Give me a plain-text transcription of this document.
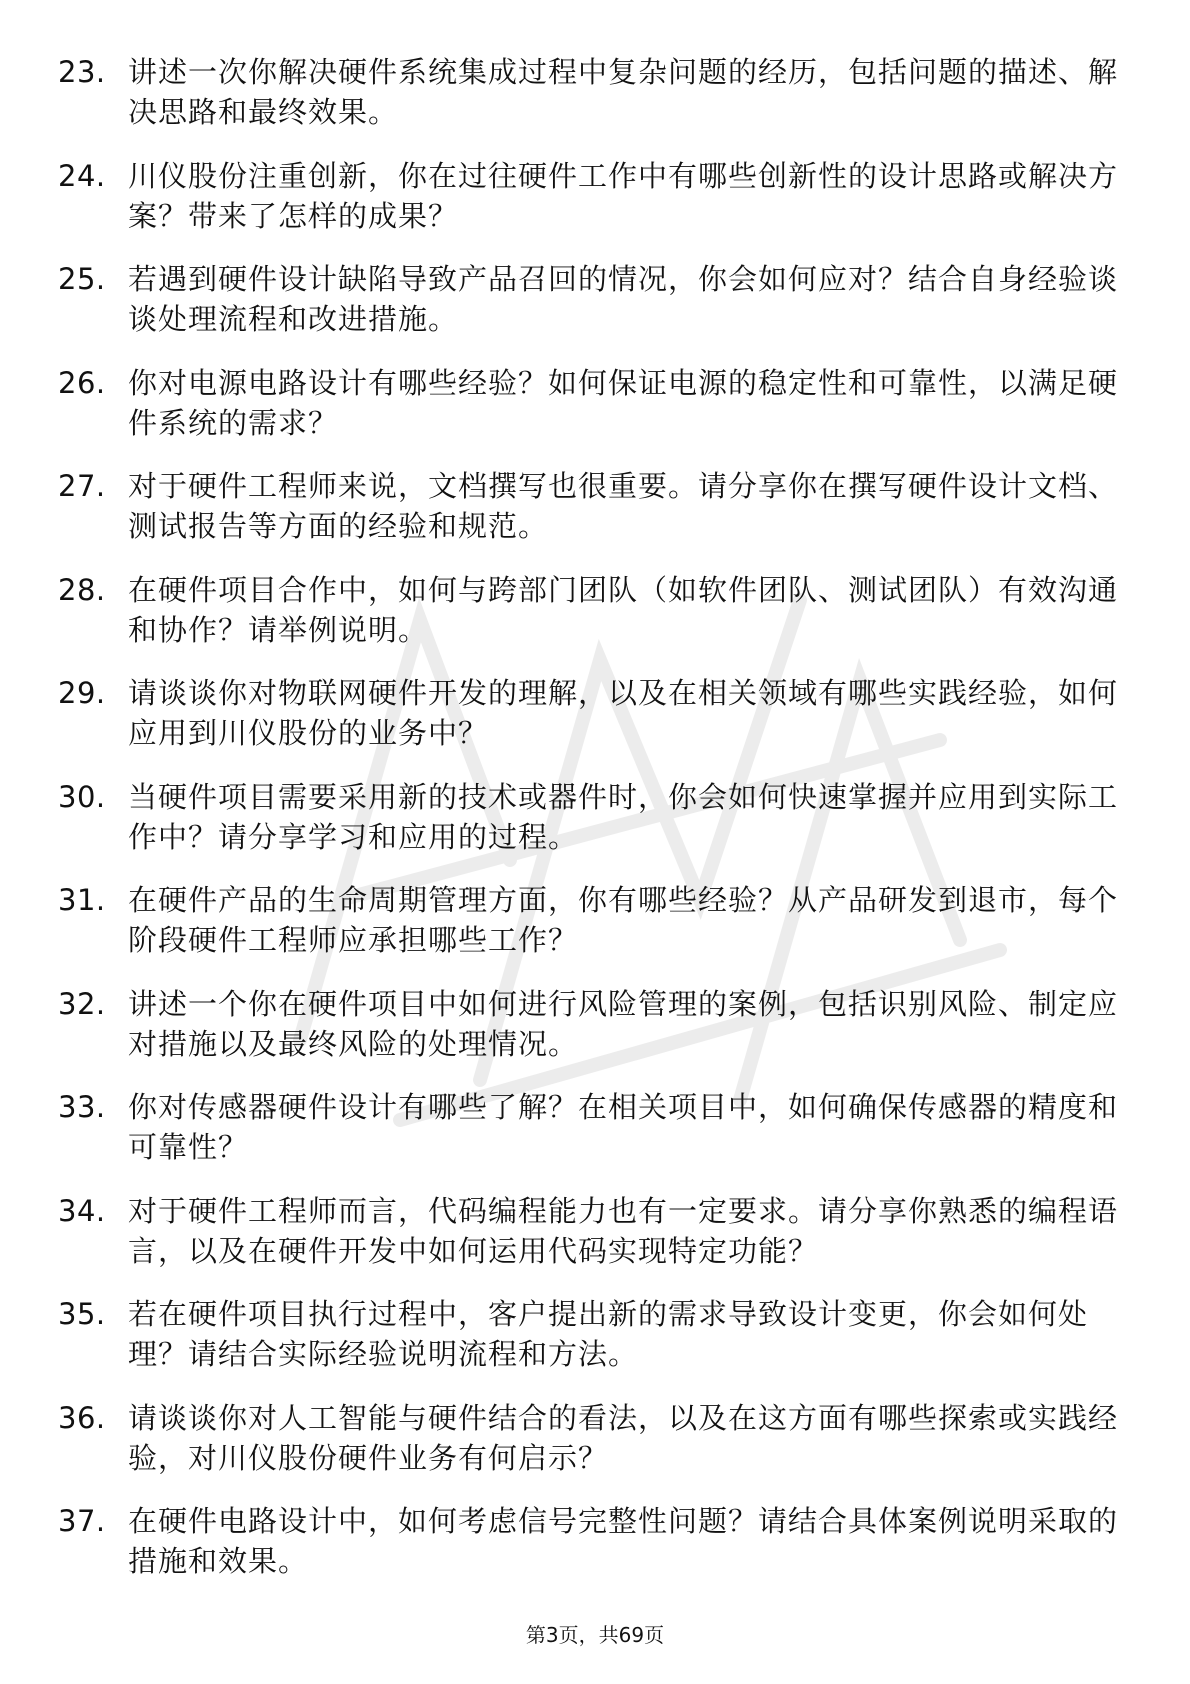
23. 讲述一次你解决硬件系统集成过程中复杂问题的经历，包括问题的描述、解决思路和最终效果。
24. 川仪股份注重创新，你在过往硬件工作中有哪些创新性的设计思路或解决方案？带来了怎样的成果？
25. 若遇到硬件设计缺陷导致产品召回的情况，你会如何应对？结合自身经验谈谈处理流程和改进措施。
26. 你对电源电路设计有哪些经验？如何保证电源的稳定性和可靠性，以满足硬件系统的需求？
27. 对于硬件工程师来说，文档撰写也很重要。请分享你在撰写硬件设计文档、测试报告等方面的经验和规范。
28. 在硬件项目合作中，如何与跨部门团队（如软件团队、测试团队）有效沟通和协作？请举例说明。
29. 请谈谈你对物联网硬件开发的理解，以及在相关领域有哪些实践经验，如何应用到川仪股份的业务中？
30. 当硬件项目需要采用新的技术或器件时，你会如何快速掌握并应用到实际工作中？请分享学习和应用的过程。
31. 在硬件产品的生命周期管理方面，你有哪些经验？从产品研发到退市，每个阶段硬件工程师应承担哪些工作？
32. 讲述一个你在硬件项目中如何进行风险管理的案例，包括识别风险、制定应对措施以及最终风险的处理情况。
33. 你对传感器硬件设计有哪些了解？在相关项目中，如何确保传感器的精度和可靠性？
34. 对于硬件工程师而言，代码编程能力也有一定要求。请分享你熟悉的编程语言，以及在硬件开发中如何运用代码实现特定功能？
35. 若在硬件项目执行过程中，客户提出新的需求导致设计变更，你会如何处理？请结合实际经验说明流程和方法。
36. 请谈谈你对人工智能与硬件结合的看法，以及在这方面有哪些探索或实践经验，对川仪股份硬件业务有何启示？
37. 在硬件电路设计中，如何考虑信号完整性问题？请结合具体案例说明采取的措施和效果。
第3页，共69页
